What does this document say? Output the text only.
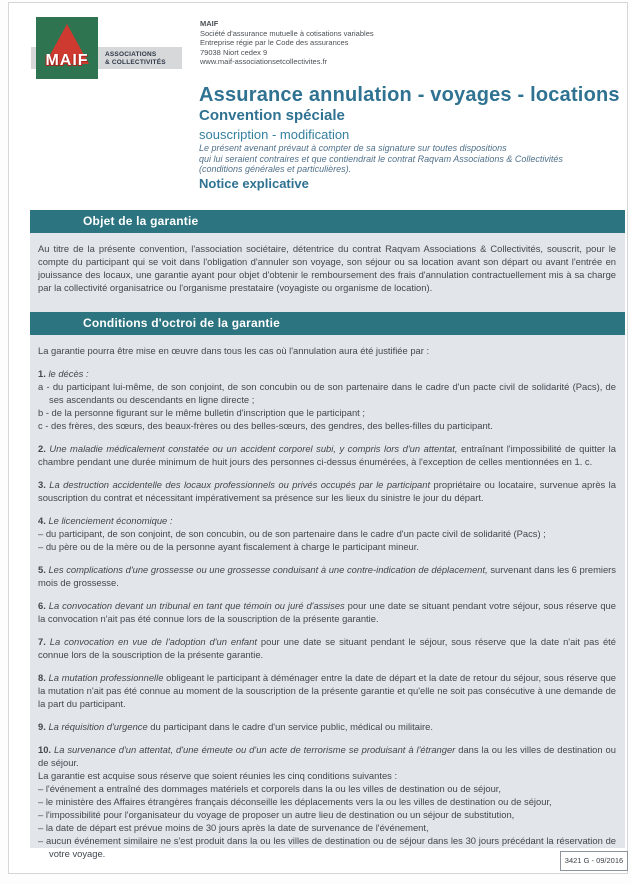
ASSOCIATIONS
& COLLECTIVITÉS
MAIF
MAIF
Société d'assurance mutuelle à cotisations variables
Entreprise régie par le Code des assurances
79038 Niort cedex 9
www.maif-associationsetcollectivites.fr
Assurance annulation - voyages - locations
Convention spéciale
souscription - modification
Le présent avenant prévaut à compter de sa signature sur toutes dispositions
qui lui seraient contraires et que contiendrait le contrat Raqvam Associations & Collectivités
(conditions générales et particulières).
Notice explicative
Objet de la garantie
Au titre de la présente convention, l'association sociétaire, détentrice du contrat Raqvam Associations & Collectivités, souscrit, pour le compte du participant qui se voit dans l'obligation d'annuler son voyage, son séjour ou sa location avant son départ ou avant l'entrée en jouissance des locaux, une garantie ayant pour objet d'obtenir le remboursement des frais d'annulation contractuellement mis à sa charge par la collectivité organisatrice ou l'organisme prestataire (voyagiste ou organisme de location).
Conditions d'octroi de la garantie

La garantie pourra être mise en œuvre dans tous les cas où l'annulation aura été justifiée par :

1. le décès :

a - du participant lui-même, de son conjoint, de son concubin ou de son partenaire dans le cadre d'un pacte civil de solidarité (Pacs), de ses ascendants ou descendants en ligne directe ;

b - de la personne figurant sur le même bulletin d'inscription que le participant ;

c - des frères, des sœurs, des beaux-frères ou des belles-sœurs, des gendres, des belles-filles du participant.

2. Une maladie médicalement constatée ou un accident corporel subi, y compris lors d'un attentat, entraînant l'impossibilité de quitter la chambre pendant une durée minimum de huit jours des personnes ci-dessus énumérées, à l'exception de celles mentionnées en 1. c.

3. La destruction accidentelle des locaux professionnels ou privés occupés par le participant propriétaire ou locataire, survenue après la souscription du contrat et nécessitant impérativement sa présence sur les lieux du sinistre le jour du départ.

4. Le licenciement économique :

– du participant, de son conjoint, de son concubin, ou de son partenaire dans le cadre d'un pacte civil de solidarité (Pacs) ;

– du père ou de la mère ou de la personne ayant fiscalement à charge le participant mineur.

5. Les complications d'une grossesse ou une grossesse conduisant à une contre-indication de déplacement, survenant dans les 6 premiers mois de grossesse.

6. La convocation devant un tribunal en tant que témoin ou juré d'assises pour une date se situant pendant votre séjour, sous réserve que la convocation n'ait pas été connue lors de la souscription de la présente garantie.

7. La convocation en vue de l'adoption d'un enfant pour une date se situant pendant le séjour, sous réserve que la date n'ait pas été connue lors de la souscription de la présente garantie.

8. La mutation professionnelle obligeant le participant à déménager entre la date de départ et la date de retour du séjour, sous réserve que la mutation n'ait pas été connue au moment de la souscription de la présente garantie et qu'elle ne soit pas consécutive à une demande de la part du participant.

9. La réquisition d'urgence du participant dans le cadre d'un service public, médical ou militaire.

10. La survenance d'un attentat, d'une émeute ou d'un acte de terrorisme se produisant à l'étranger dans la ou les villes de destination ou de séjour.

La garantie est acquise sous réserve que soient réunies les cinq conditions suivantes :

– l'événement a entraîné des dommages matériels et corporels dans la ou les villes de destination ou de séjour,

– le ministère des Affaires étrangères français déconseille les déplacements vers la ou les villes de destination ou de séjour,

– l'impossibilité pour l'organisateur du voyage de proposer un autre lieu de destination ou un séjour de substitution,

– la date de départ est prévue moins de 30 jours après la date de survenance de l'événement,

– aucun événement similaire ne s'est produit dans la ou les villes de destination ou de séjour dans les 30 jours précédant la réservation de votre voyage.

3421 G - 09/2016
